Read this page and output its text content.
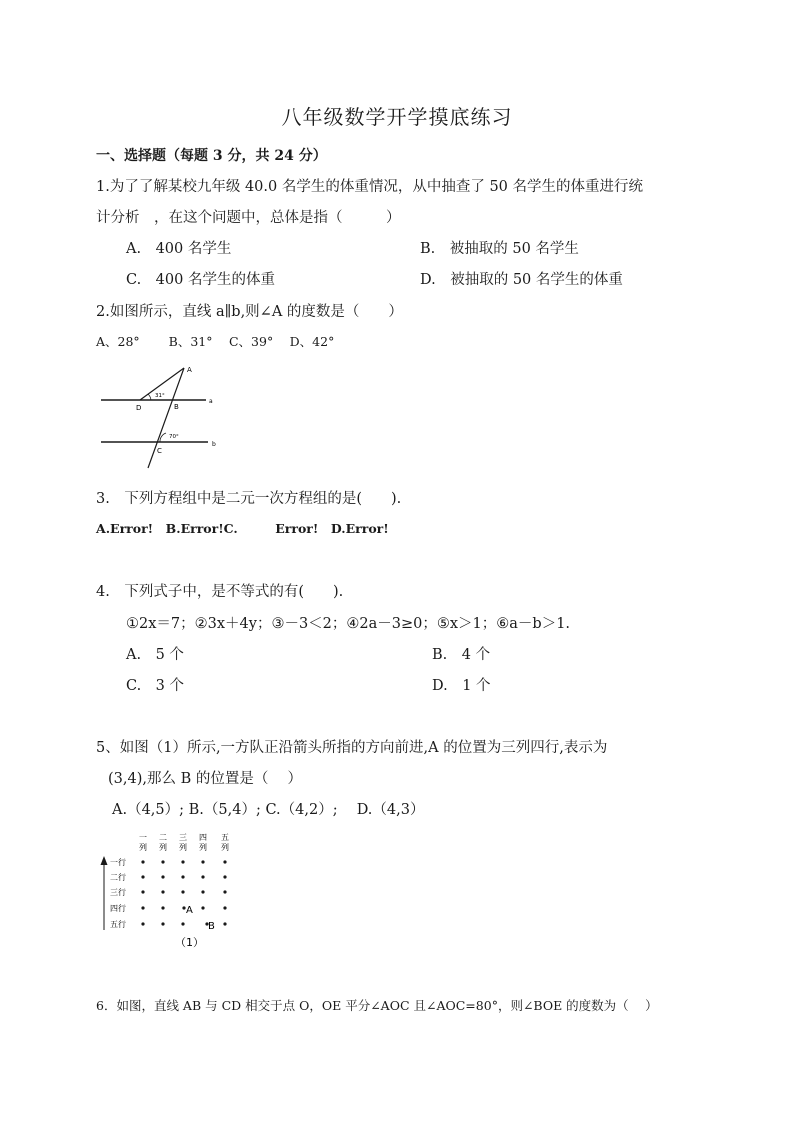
八年级数学开学摸底练习
一、选择题（每题 3 分，共 24 分）
1.为了了解某校九年级 40.0 名学生的体重情况，从中抽查了 50 名学生的体重进行统
计分析　，在这个问题中，总体是指（　　　）
A.　400 名学生	B.　被抽取的 50 名学生
C.　400 名学生的体重	D.　被抽取的 50 名学生的体重
2.如图所示，直线 a∥b,则∠A 的度数是（　　）
A、28°　　 B、31°　 C、39°　 D、42°
A
B
D
C
a
b
31°
70°
3.　下列方程组中是二元一次方程组的是(　　).
A.Error!　B.Error!C.　　　Error!　D.Error!
4.　下列式子中，是不等式的有(　　).
①2x＝7；②3x＋4y；③－3＜2；④2a－3≥0；⑤x＞1；⑥a－b＞1.
A.　5 个	B.　4 个
C.　3 个	D.　1 个
5、如图（1）所示,一方队正沿箭头所指的方向前进,A 的位置为三列四行,表示为
(3,4),那么 B 的位置是（　 ）
A.（4,5）; B.（5,4）; C.（4,2）;　 D.（4,3）
一列
二列
三列
四列
五列
一行
二行
三行
四行
五行
A
B
（1）
6．如图，直线 AB 与 CD 相交于点 O，OE 平分∠AOC 且∠AOC=80°，则∠BOE 的度数为（　 ）
